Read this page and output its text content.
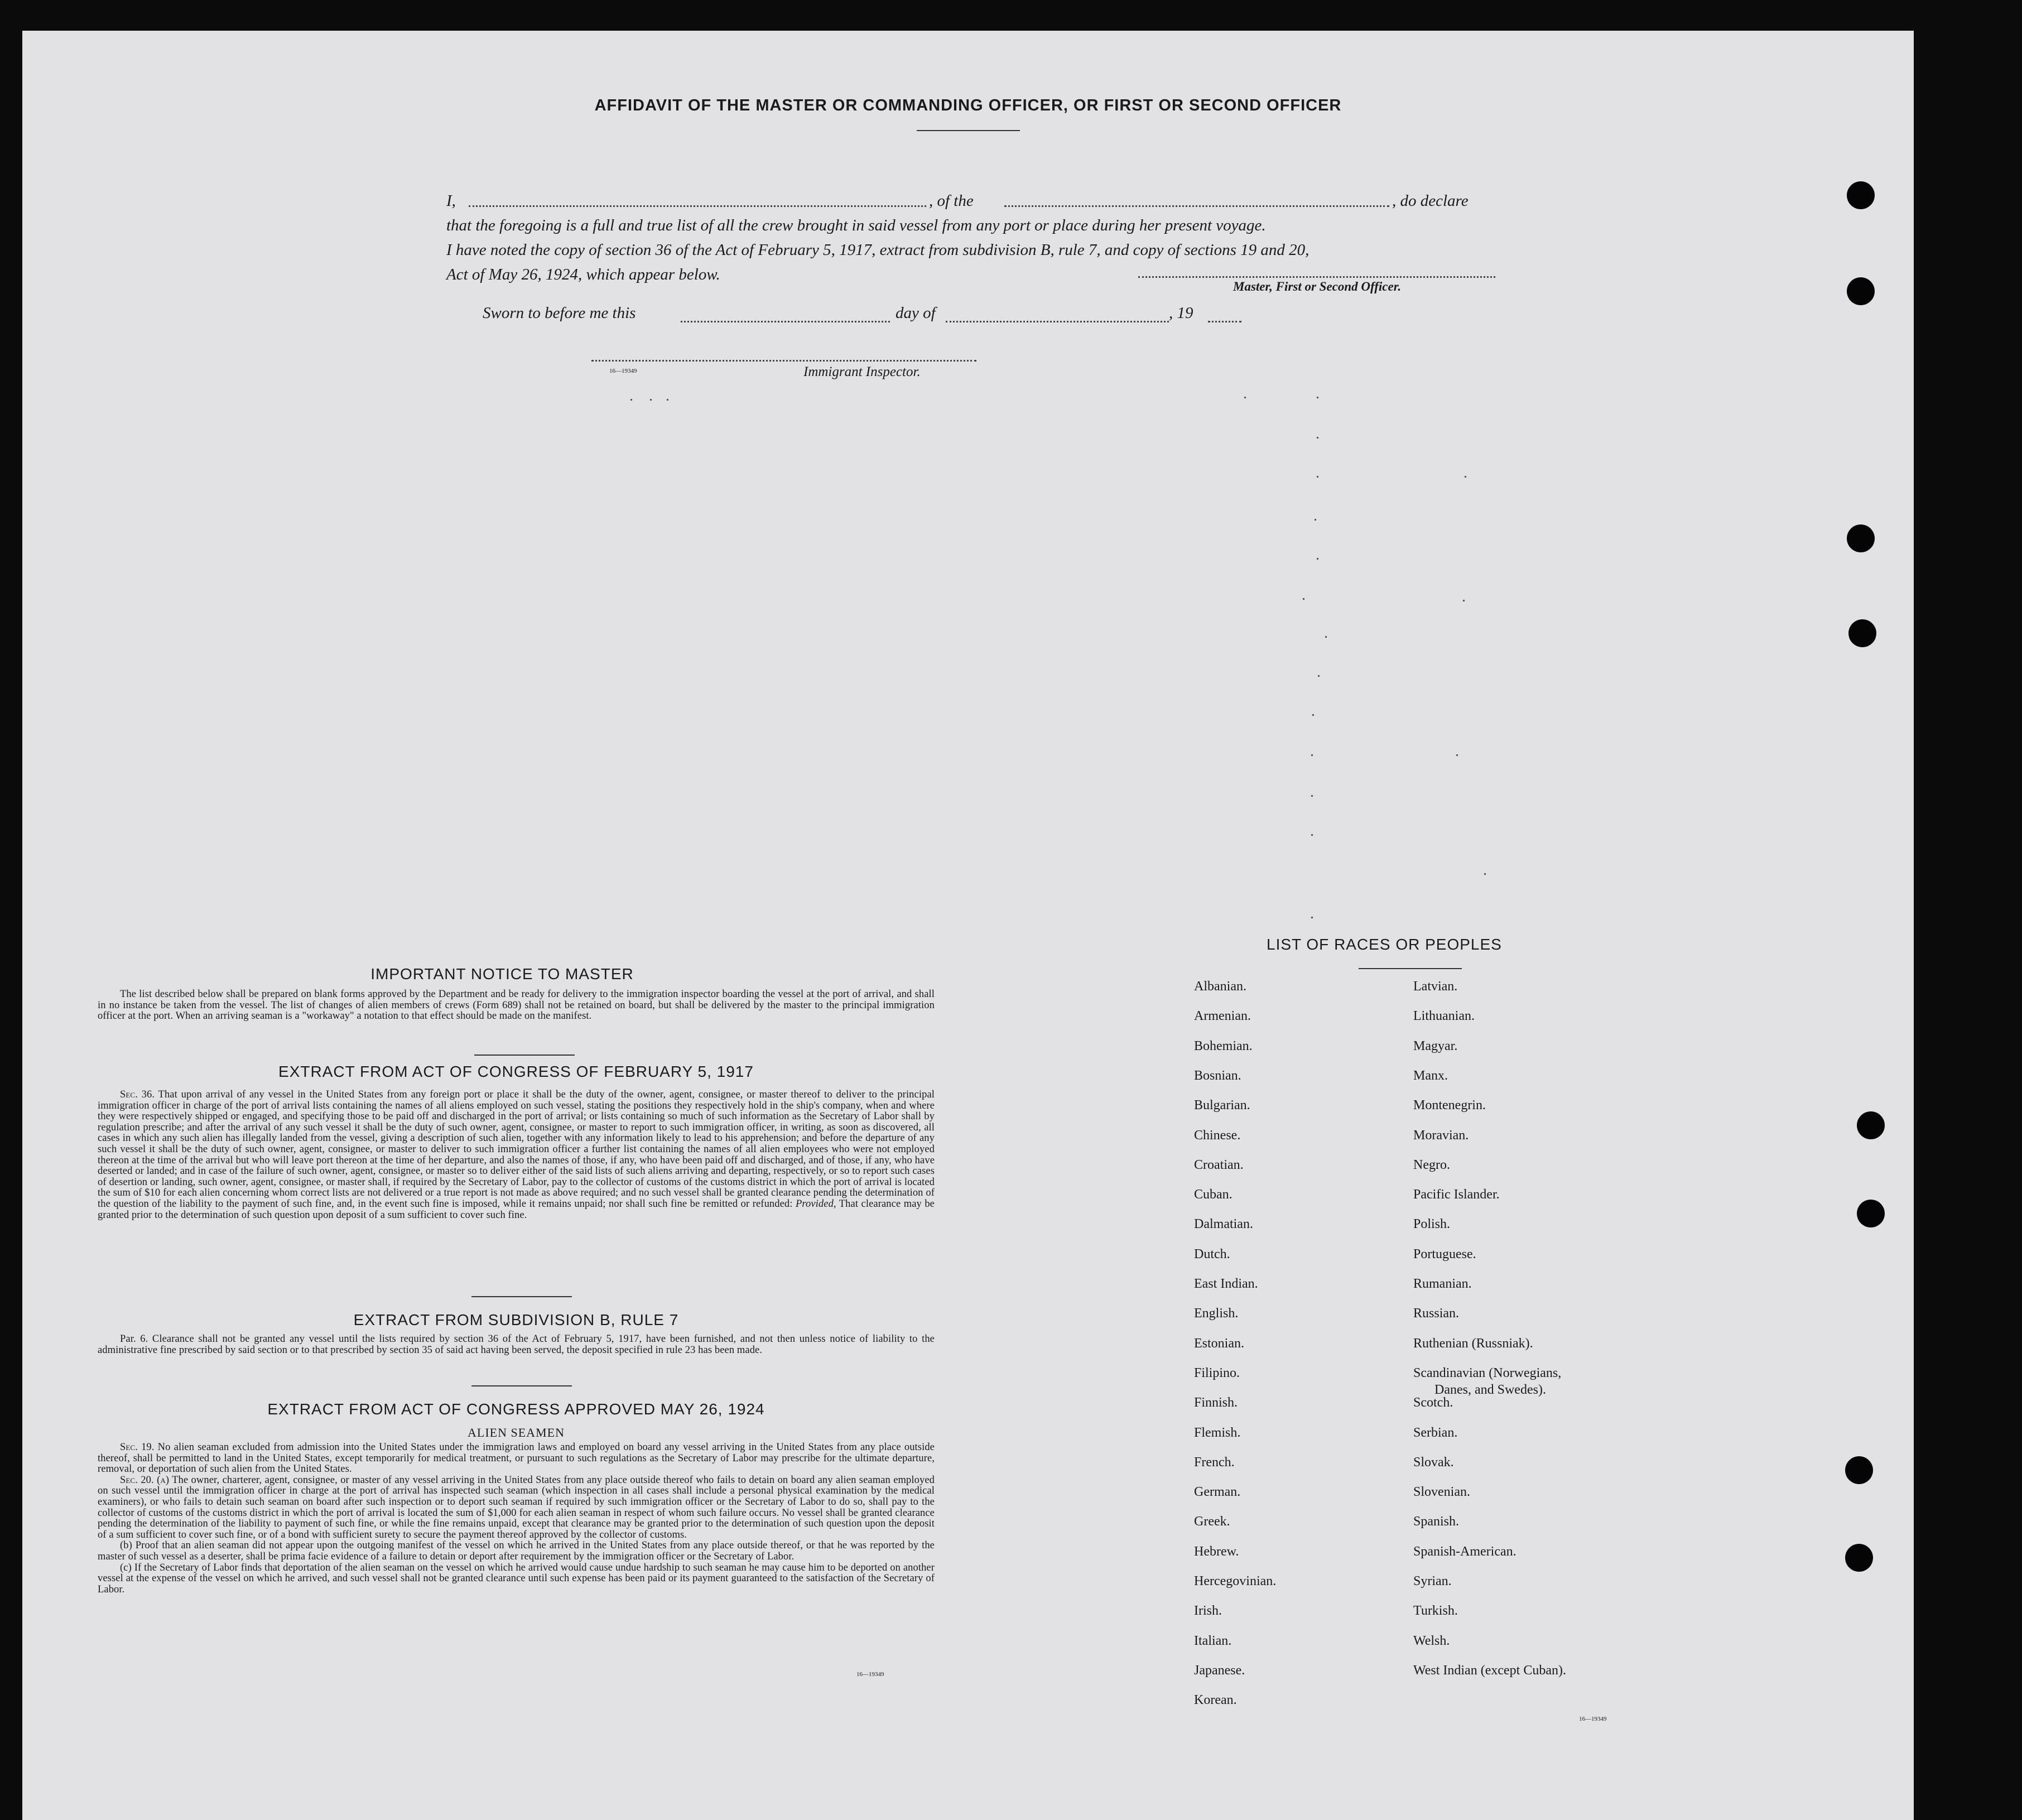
AFFIDAVIT OF THE MASTER OR COMMANDING OFFICER, OR FIRST OR SECOND OFFICER
I,	, of the	, do declare
that the foregoing is a full and true list of all the crew brought in said vessel from any port or place during her present voyage.
I have noted the copy of section 36 of the Act of February 5, 1917, extract from subdivision B, rule 7, and copy of sections 19 and 20,
Act of May 26, 1924, which appear below.
Master, First or Second Officer.
Sworn to before me this	day of	, 19
16—19349	Immigrant Inspector.
IMPORTANT NOTICE TO MASTER
The list described below shall be prepared on blank forms approved by the Department and be ready for delivery to the immigration inspector boarding the vessel at the port of arrival, and shall in no instance be taken from the vessel. The list of changes of alien members of crews (Form 689) shall not be retained on board, but shall be delivered by the master to the principal immigration officer at the port. When an arriving seaman is a "workaway" a notation to that effect should be made on the manifest.
EXTRACT FROM ACT OF CONGRESS OF FEBRUARY 5, 1917

Sec. 36. That upon arrival of any vessel in the United States from any foreign port or place it shall be the duty of the owner, agent, consignee, or master thereof to deliver to the principal immigration officer in charge of the port of arrival lists containing the names of all aliens employed on such vessel, stating the positions they respectively hold in the ship's company, when and where they were respectively shipped or engaged, and specifying those to be paid off and discharged in the port of arrival; or lists containing so much of such information as the Secretary of Labor shall by regulation prescribe; and after the arrival of any such vessel it shall be the duty of such owner, agent, consignee, or master to report to such immigration officer, in writing, as soon as discovered, all cases in which any such alien has illegally landed from the vessel, giving a description of such alien, together with any information likely to lead to his apprehension; and before the departure of any such vessel it shall be the duty of such owner, agent, consignee, or master to deliver to such immigration officer a further list containing the names of all alien employees who were not employed thereon at the time of the arrival but who will leave port thereon at the time of her departure, and also the names of those, if any, who have been paid off and discharged, and of those, if any, who have deserted or landed; and in case of the failure of such owner, agent, consignee, or master so to deliver either of the said lists of such aliens arriving and departing, respectively, or so to report such cases of desertion or landing, such owner, agent, consignee, or master shall, if required by the Secretary of Labor, pay to the collector of customs of the customs district in which the port of arrival is located the sum of $10 for each alien concerning whom correct lists are not delivered or a true report is not made as above required; and no such vessel shall be granted clearance pending the determination of the question of the liability to the payment of such fine, and, in the event such fine is imposed, while it remains unpaid; nor shall such fine be remitted or refunded: Provided, That clearance may be granted prior to the determination of such question upon deposit of a sum sufficient to cover such fine.

EXTRACT FROM SUBDIVISION B, RULE 7
Par. 6. Clearance shall not be granted any vessel until the lists required by section 36 of the Act of February 5, 1917, have been furnished, and not then unless notice of liability to the administrative fine prescribed by said section or to that prescribed by section 35 of said act having been served, the deposit specified in rule 23 has been made.
EXTRACT FROM ACT OF CONGRESS APPROVED MAY 26, 1924
ALIEN SEAMEN

Sec. 19. No alien seaman excluded from admission into the United States under the immigration laws and employed on board any vessel arriving in the United States from any place outside thereof, shall be permitted to land in the United States, except temporarily for medical treatment, or pursuant to such regulations as the Secretary of Labor may prescribe for the ultimate departure, removal, or deportation of such alien from the United States.

Sec. 20. (a) The owner, charterer, agent, consignee, or master of any vessel arriving in the United States from any place outside thereof who fails to detain on board any alien seaman employed on such vessel until the immigration officer in charge at the port of arrival has inspected such seaman (which inspection in all cases shall include a personal physical examination by the medical examiners), or who fails to detain such seaman on board after such inspection or to deport such seaman if required by such immigration officer or the Secretary of Labor to do so, shall pay to the collector of customs of the customs district in which the port of arrival is located the sum of $1,000 for each alien seaman in respect of whom such failure occurs. No vessel shall be granted clearance pending the determination of the liability to payment of such fine, or while the fine remains unpaid, except that clearance may be granted prior to the determination of such question upon the deposit of a sum sufficient to cover such fine, or of a bond with sufficient surety to secure the payment thereof approved by the collector of customs.

(b) Proof that an alien seaman did not appear upon the outgoing manifest of the vessel on which he arrived in the United States from any place outside thereof, or that he was reported by the master of such vessel as a deserter, shall be prima facie evidence of a failure to detain or deport after requirement by the immigration officer or the Secretary of Labor.

(c) If the Secretary of Labor finds that deportation of the alien seaman on the vessel on which he arrived would cause undue hardship to such seaman he may cause him to be deported on another vessel at the expense of the vessel on which he arrived, and such vessel shall not be granted clearance until such expense has been paid or its payment guaranteed to the satisfaction of the Secretary of Labor.

16—19349
LIST OF RACES OR PEOPLES
Albanian.
Armenian.
Bohemian.
Bosnian.
Bulgarian.
Chinese.
Croatian.
Cuban.
Dalmatian.
Dutch.
East Indian.
English.
Estonian.
Filipino.
Finnish.
Flemish.
French.
German.
Greek.
Hebrew.
Hercegovinian.
Irish.
Italian.
Japanese.
Korean.
Latvian.
Lithuanian.
Magyar.
Manx.
Montenegrin.
Moravian.
Negro.
Pacific Islander.
Polish.
Portuguese.
Rumanian.
Russian.
Ruthenian (Russniak).
Scandinavian (Norwegians,
Danes, and Swedes).
Scotch.
Serbian.
Slovak.
Slovenian.
Spanish.
Spanish-American.
Syrian.
Turkish.
Welsh.
West Indian (except Cuban).
16—19349
